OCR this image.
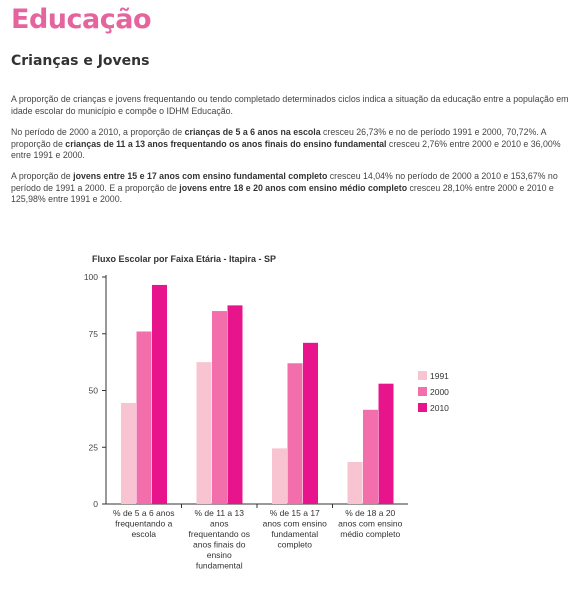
Educação
Crianças e Jovens

A proporção de crianças e jovens frequentando ou tendo completado determinados ciclos indica a situação da educação entre a população em idade escolar do município e compõe o IDHM Educação.

No período de 2000 a 2010, a proporção de crianças de 5 a 6 anos na escola cresceu 26,73% e no de período 1991 e 2000, 70,72%. A proporção de crianças de 11 a 13 anos frequentando os anos finais do ensino fundamental cresceu 2,76% entre 2000 e 2010 e 36,00% entre 1991 e 2000.

A proporção de jovens entre 15 e 17 anos com ensino fundamental completo cresceu 14,04% no período de 2000 a 2010 e 153,67% no período de 1991 a 2000. E a proporção de jovens entre 18 e 20 anos com ensino médio completo cresceu 28,10% entre 2000 e 2010 e 125,98% entre 1991 e 2000.

Fluxo Escolar por Faixa Etária - Itapira - SP
0
25
50
75
100
% de 5 a 6 anos
frequentando a
escola
% de 11 a 13
anos
frequentando os
anos finais do
ensino
fundamental
% de 15 a 17
anos com ensino
fundamental
completo
% de 18 a 20
anos com ensino
médio completo
1991
2000
2010
